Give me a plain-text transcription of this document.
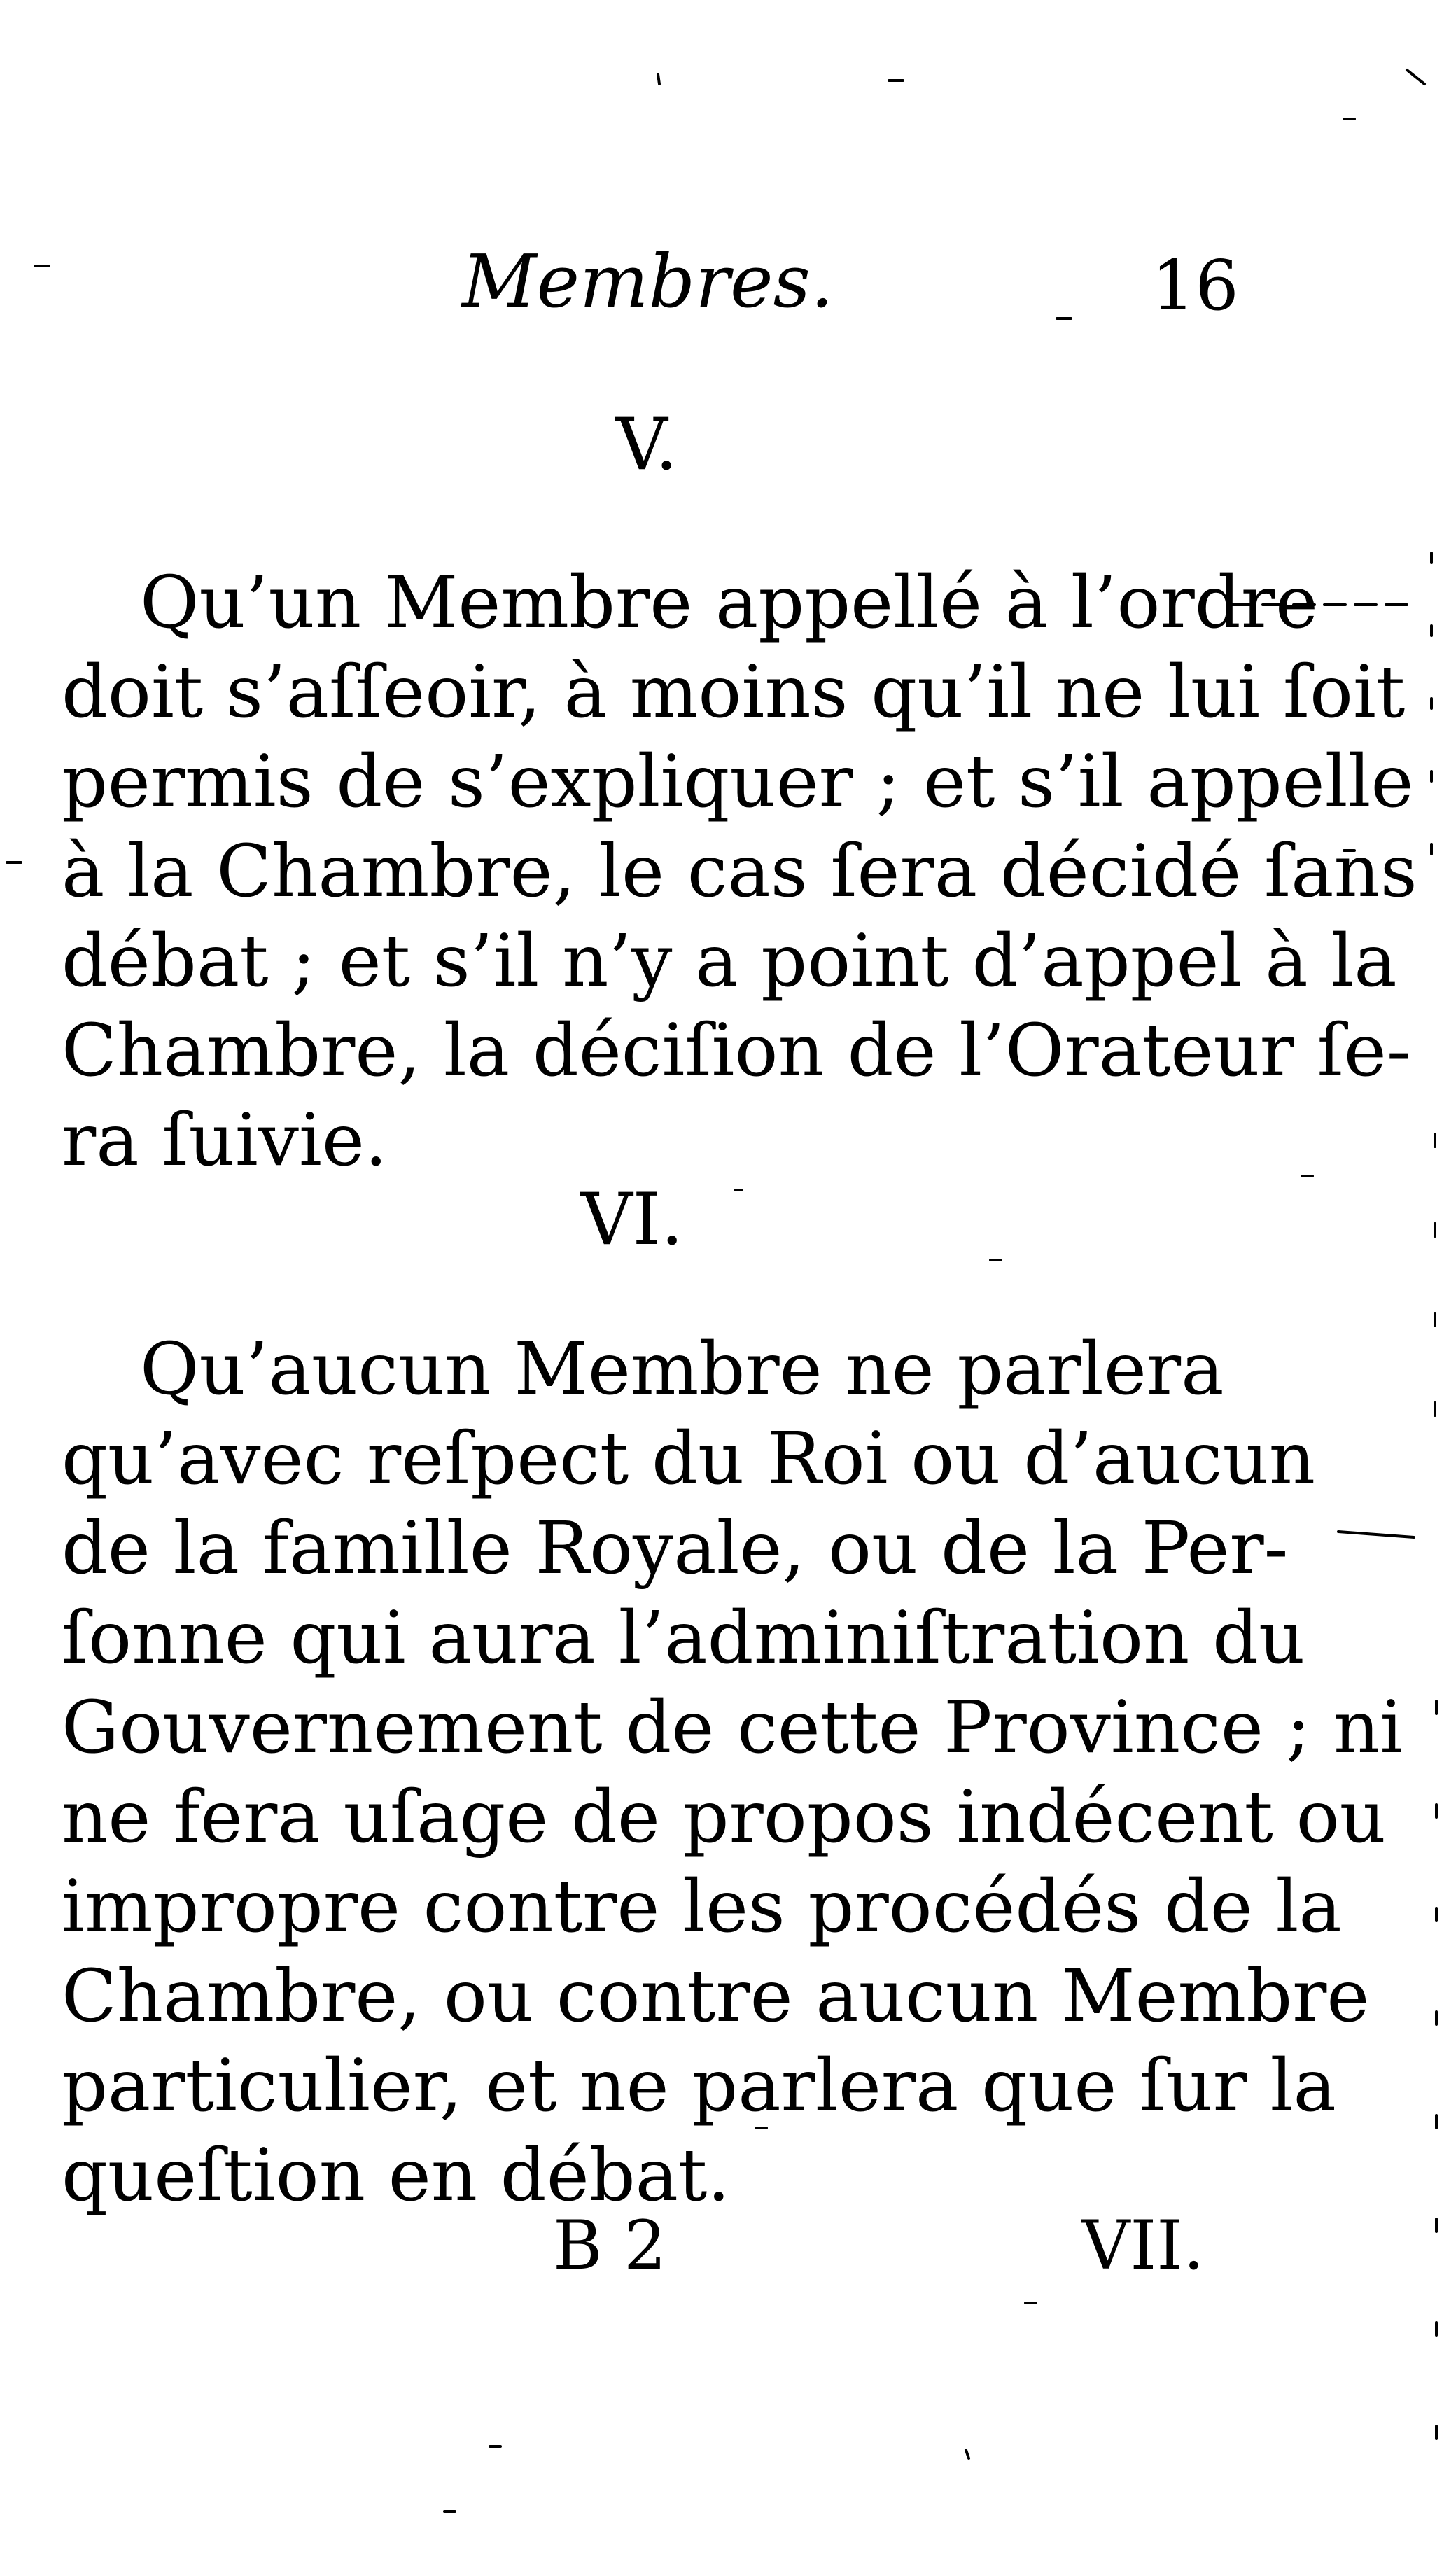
Membres.	16
V.
Qu’un Membre appellé à l’ordre
doit s’aſſeoir, à moins qu’il ne lui ſoit
permis de s’expliquer ; et s’il appelle
à la Chambre, le cas ſera décidé ſans
débat ; et s’il n’y a point d’appel à la
Chambre, la déciſion de l’Orateur ſe-
ra ſuivie.
VI.
Qu’aucun Membre ne parlera
qu’avec reſpect du Roi ou d’aucun
de la famille Royale, ou de la Per-
ſonne qui aura l’adminiſtration du
Gouvernement de cette Province ; ni
ne fera uſage de propos indécent ou
impropre contre les procédés de la
Chambre, ou contre aucun Membre
particulier, et ne parlera que ſur la
queſtion en débat.
B 2	VII.
